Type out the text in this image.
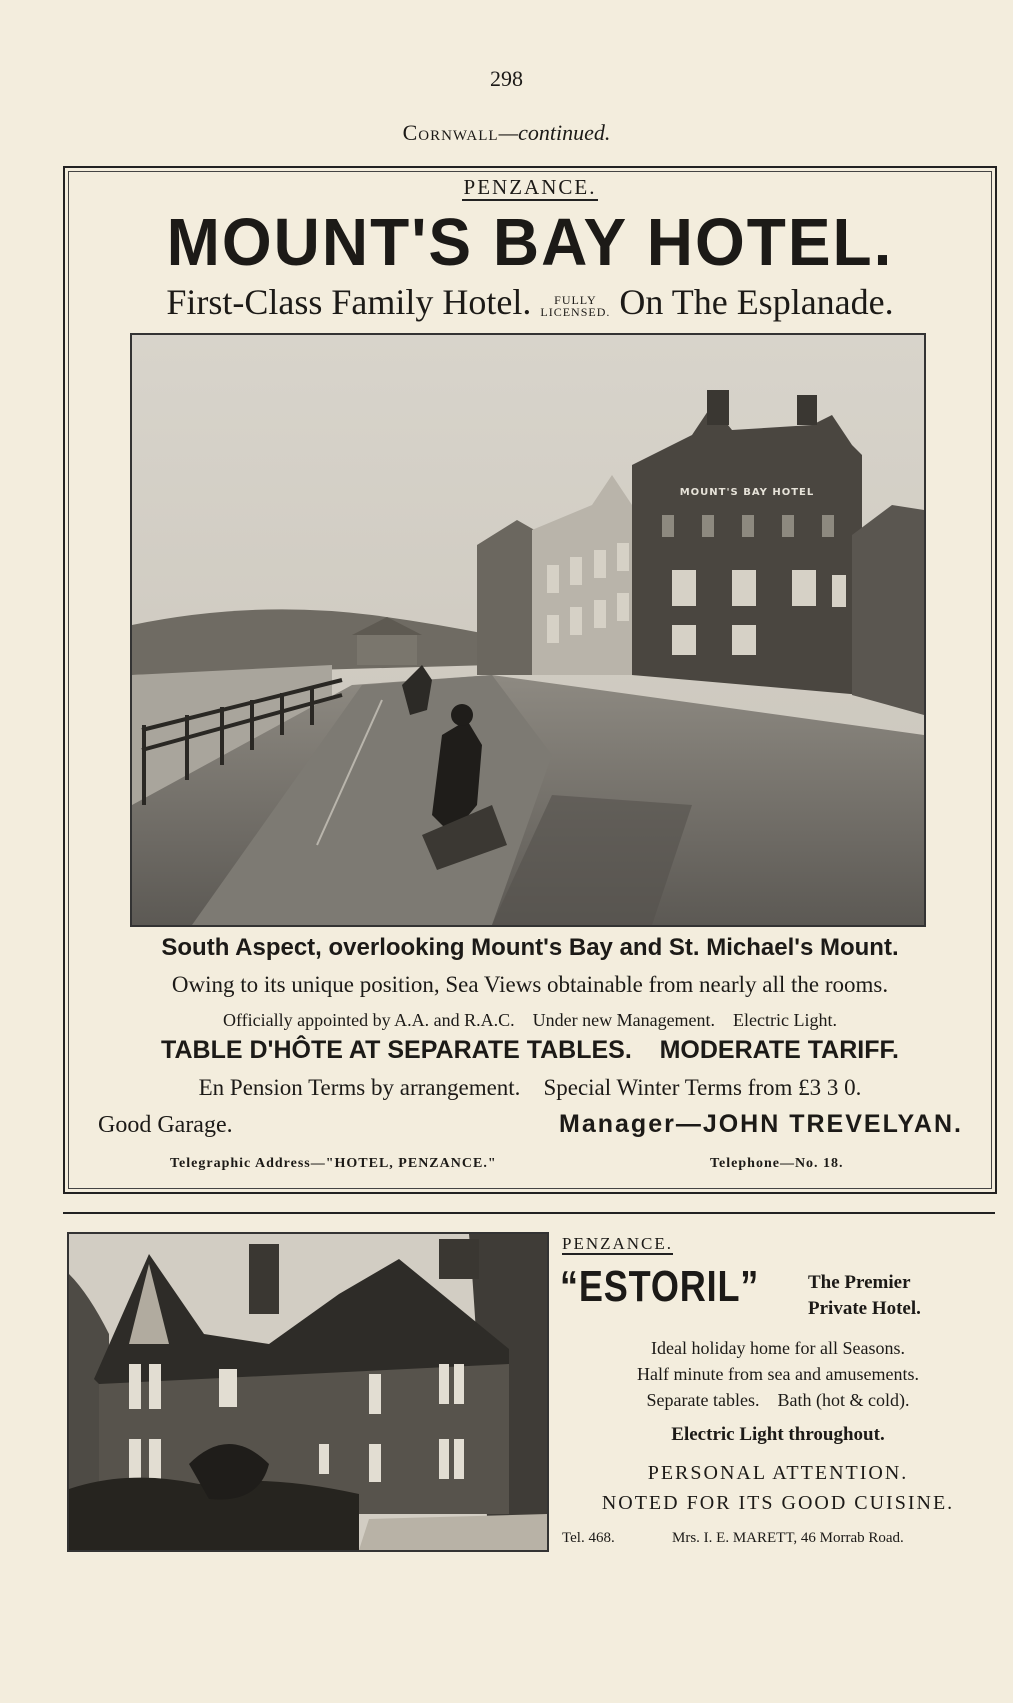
298
Cornwall—continued.
PENZANCE.
MOUNT'S BAY HOTEL.
First-Class Family Hotel. FULLY
LICENSED. On The Esplanade.
MOUNT'S BAY HOTEL
South Aspect, overlooking Mount's Bay and St. Michael's Mount.
Owing to its unique position, Sea Views obtainable from nearly all the rooms.
Officially appointed by A.A. and R.A.C. Under new Management. Electric Light.
TABLE D'HÔTE AT SEPARATE TABLES. MODERATE TARIFF.
En Pension Terms by arrangement. Special Winter Terms from £3 3 0.
Good Garage.	Manager—JOHN TREVELYAN.
Telegraphic Address—"HOTEL, PENZANCE."	Telephone—No. 18.
PENZANCE.
“ESTORIL”	The Premier
Private Hotel.
Ideal holiday home for all Seasons.
Half minute from sea and amusements.
Separate tables.    Bath (hot & cold).
Electric Light throughout.
PERSONAL ATTENTION.
NOTED FOR ITS GOOD CUISINE.
Tel. 468.	Mrs. I. E. MARETT, 46 Morrab Road.
